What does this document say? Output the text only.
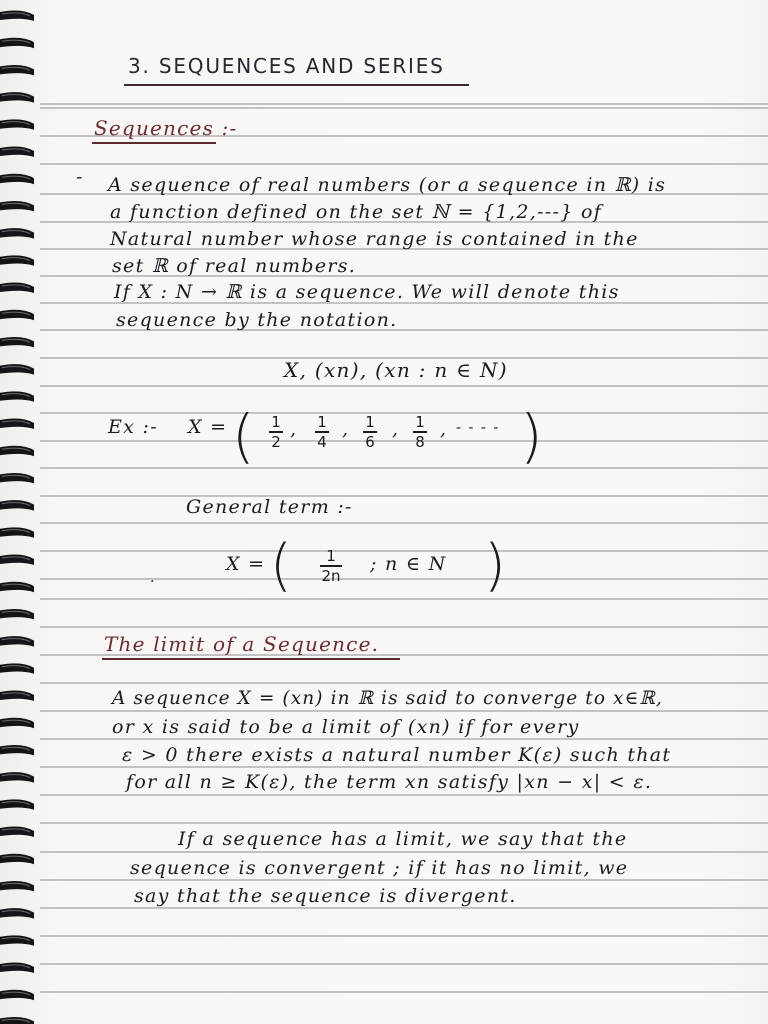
3. SEQUENCES AND SERIES
Sequences :-
- A sequence of real numbers (or a sequence in ℝ) is
a function defined on the set ℕ = {1,2,---} of
Natural number whose range is contained in the
set ℝ of real numbers.
If X : N → ℝ is a sequence. We will denote this
sequence by the notation.
X, (xn), (xn : n ∈ N)
Ex :- X = (	1
2
,	1
4
,	1
6
,	1
8
, - - - - )
General term :-
X = (	1
2n
; n ∈ N )
.
The limit of a Sequence.
A sequence X = (xn) in ℝ is said to converge to x∈ℝ,
or x is said to be a limit of (xn) if for every
ε > 0 there exists a natural number K(ε) such that
for all n ≥ K(ε), the term xn satisfy |xn − x| < ε.
If a sequence has a limit, we say that the
sequence is convergent ; if it has no limit, we
say that the sequence is divergent.
